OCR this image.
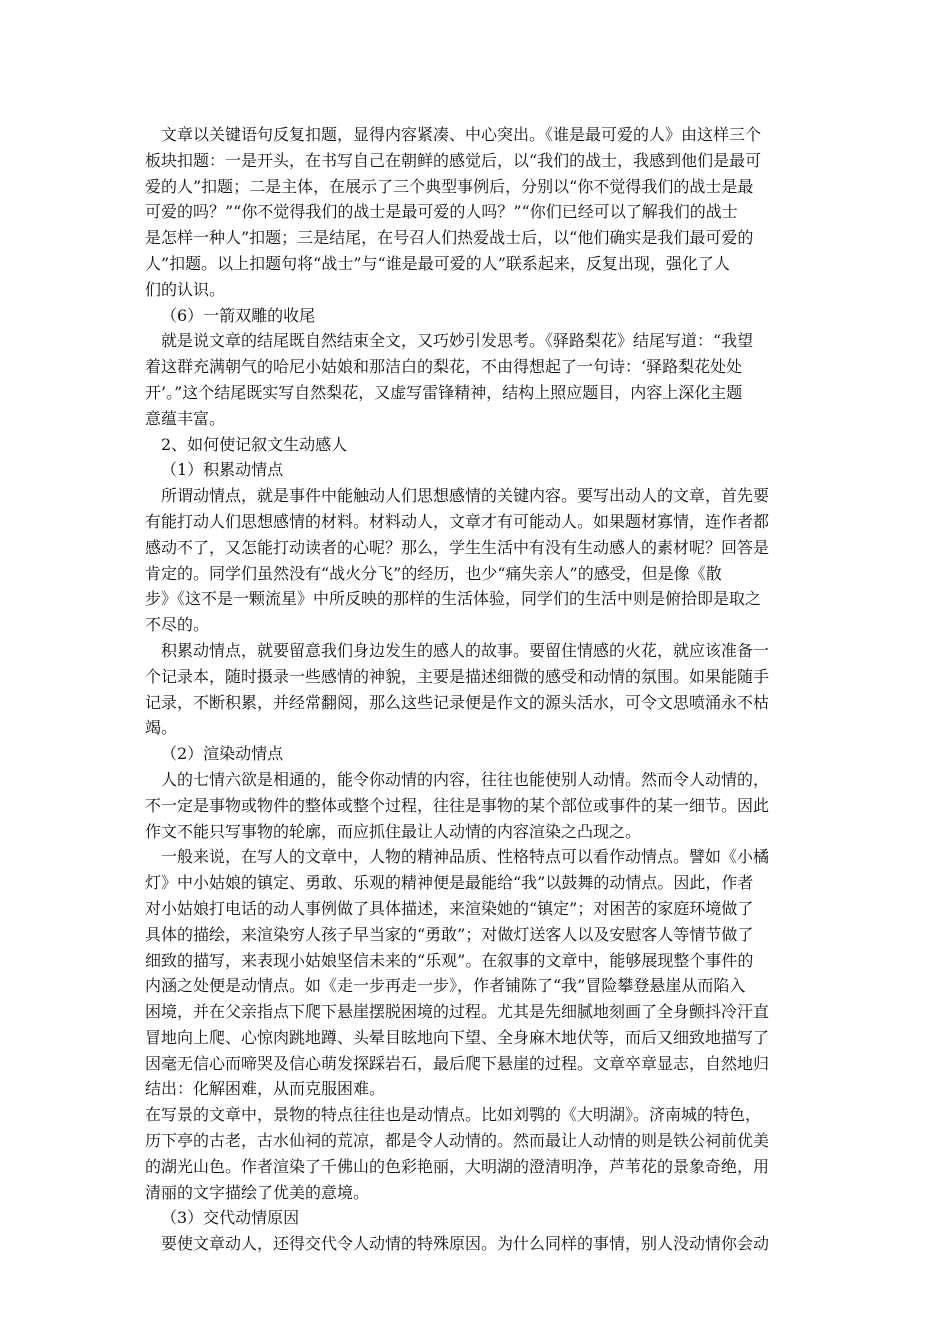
文章以关键语句反复扣题，显得内容紧凑、中心突出。《谁是最可爱的人》由这样三个
板块扣题：一是开头，在书写自己在朝鲜的感觉后，以“我们的战士，我感到他们是最可
爱的人”扣题；二是主体，在展示了三个典型事例后，分别以“你不觉得我们的战士是最
可爱的吗？”“你不觉得我们的战士是最可爱的人吗？”“你们已经可以了解我们的战士
是怎样一种人”扣题；三是结尾，在号召人们热爱战士后，以“他们确实是我们最可爱的
人”扣题。以上扣题句将“战士”与“谁是最可爱的人”联系起来，反复出现，强化了人
们的认识。
（6）一箭双雕的收尾
就是说文章的结尾既自然结束全文，又巧妙引发思考。《驿路梨花》结尾写道：“我望
着这群充满朝气的哈尼小姑娘和那洁白的梨花，不由得想起了一句诗：‘驿路梨花处处
开’。”这个结尾既实写自然梨花，又虚写雷锋精神，结构上照应题目，内容上深化主题
意蕴丰富。
2、如何使记叙文生动感人
（1）积累动情点
所谓动情点，就是事件中能触动人们思想感情的关键内容。要写出动人的文章，首先要
有能打动人们思想感情的材料。材料动人，文章才有可能动人。如果题材寡情，连作者都
感动不了，又怎能打动读者的心呢？那么，学生生活中有没有生动感人的素材呢？回答是
肯定的。同学们虽然没有“战火分飞”的经历，也少“痛失亲人”的感受，但是像《散
步》《这不是一颗流星》中所反映的那样的生活体验，同学们的生活中则是俯拾即是取之
不尽的。
积累动情点，就要留意我们身边发生的感人的故事。要留住情感的火花，就应该准备一
个记录本，随时摄录一些感情的神貌，主要是描述细微的感受和动情的氛围。如果能随手
记录，不断积累，并经常翻阅，那么这些记录便是作文的源头活水，可令文思喷涌永不枯
竭。
（2）渲染动情点
人的七情六欲是相通的，能令你动情的内容，往往也能使别人动情。然而令人动情的，
不一定是事物或物件的整体或整个过程，往往是事物的某个部位或事件的某一细节。因此
作文不能只写事物的轮廓，而应抓住最让人动情的内容渲染之凸现之。
一般来说，在写人的文章中，人物的精神品质、性格特点可以看作动情点。譬如《小橘
灯》中小姑娘的镇定、勇敢、乐观的精神便是最能给“我”以鼓舞的动情点。因此，作者
对小姑娘打电话的动人事例做了具体描述，来渲染她的“镇定”；对困苦的家庭环境做了
具体的描绘，来渲染穷人孩子早当家的“勇敢”；对做灯送客人以及安慰客人等情节做了
细致的描写，来表现小姑娘坚信未来的“乐观”。在叙事的文章中，能够展现整个事件的
内涵之处便是动情点。如《走一步再走一步》，作者铺陈了“我”冒险攀登悬崖从而陷入
困境，并在父亲指点下爬下悬崖摆脱困境的过程。尤其是先细腻地刻画了全身颤抖冷汗直
冒地向上爬、心惊肉跳地蹲、头晕目眩地向下望、全身麻木地伏等，而后又细致地描写了
因毫无信心而啼哭及信心萌发探踩岩石，最后爬下悬崖的过程。文章卒章显志，自然地归
结出：化解困难，从而克服困难。
在写景的文章中，景物的特点往往也是动情点。比如刘鹗的《大明湖》。济南城的特色，
历下亭的古老，古水仙祠的荒凉，都是令人动情的。然而最让人动情的则是铁公祠前优美
的湖光山色。作者渲染了千佛山的色彩艳丽，大明湖的澄清明净，芦苇花的景象奇绝，用
清丽的文字描绘了优美的意境。
（3）交代动情原因
要使文章动人，还得交代令人动情的特殊原因。为什么同样的事情，别人没动情你会动
